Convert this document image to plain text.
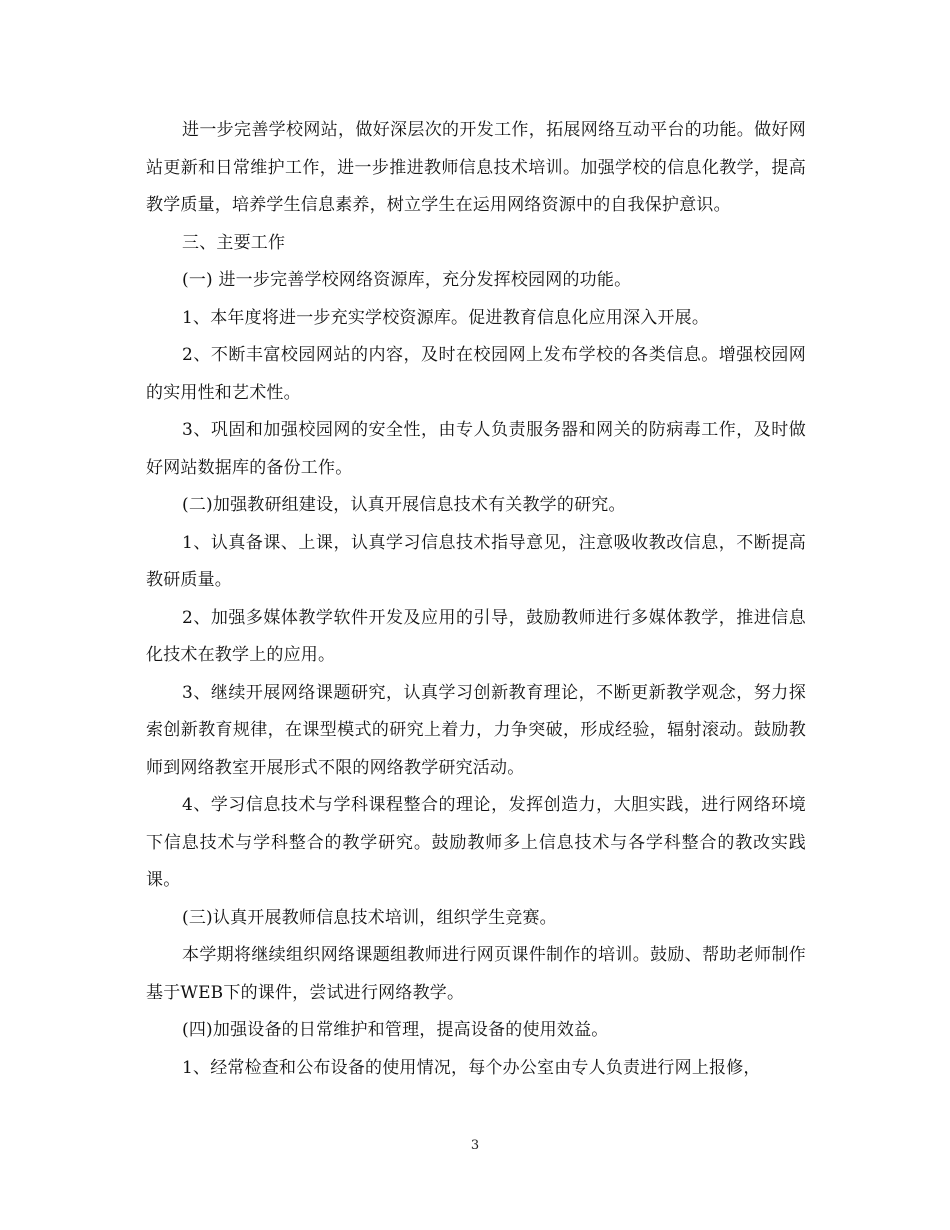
进一步完善学校网站，做好深层次的开发工作，拓展网络互动平台的功能。做好网站更新和日常维护工作，进一步推进教师信息技术培训。加强学校的信息化教学，提高教学质量，培养学生信息素养，树立学生在运用网络资源中的自我保护意识。

三、主要工作

(一) 进一步完善学校网络资源库，充分发挥校园网的功能。

1、本年度将进一步充实学校资源库。促进教育信息化应用深入开展。

2、不断丰富校园网站的内容，及时在校园网上发布学校的各类信息。增强校园网的实用性和艺术性。

3、巩固和加强校园网的安全性，由专人负责服务器和网关的防病毒工作，及时做好网站数据库的备份工作。

(二)加强教研组建设，认真开展信息技术有关教学的研究。

1、认真备课、上课，认真学习信息技术指导意见，注意吸收教改信息，不断提高教研质量。

2、加强多媒体教学软件开发及应用的引导，鼓励教师进行多媒体教学，推进信息化技术在教学上的应用。

3、继续开展网络课题研究，认真学习创新教育理论，不断更新教学观念，努力探索创新教育规律，在课型模式的研究上着力，力争突破，形成经验，辐射滚动。鼓励教师到网络教室开展形式不限的网络教学研究活动。

4、学习信息技术与学科课程整合的理论，发挥创造力，大胆实践，进行网络环境下信息技术与学科整合的教学研究。鼓励教师多上信息技术与各学科整合的教改实践课。

(三)认真开展教师信息技术培训，组织学生竞赛。

本学期将继续组织网络课题组教师进行网页课件制作的培训。鼓励、帮助老师制作基于WEB下的课件，尝试进行网络教学。

(四)加强设备的日常维护和管理，提高设备的使用效益。

1、经常检查和公布设备的使用情况，每个办公室由专人负责进行网上报修，

3
